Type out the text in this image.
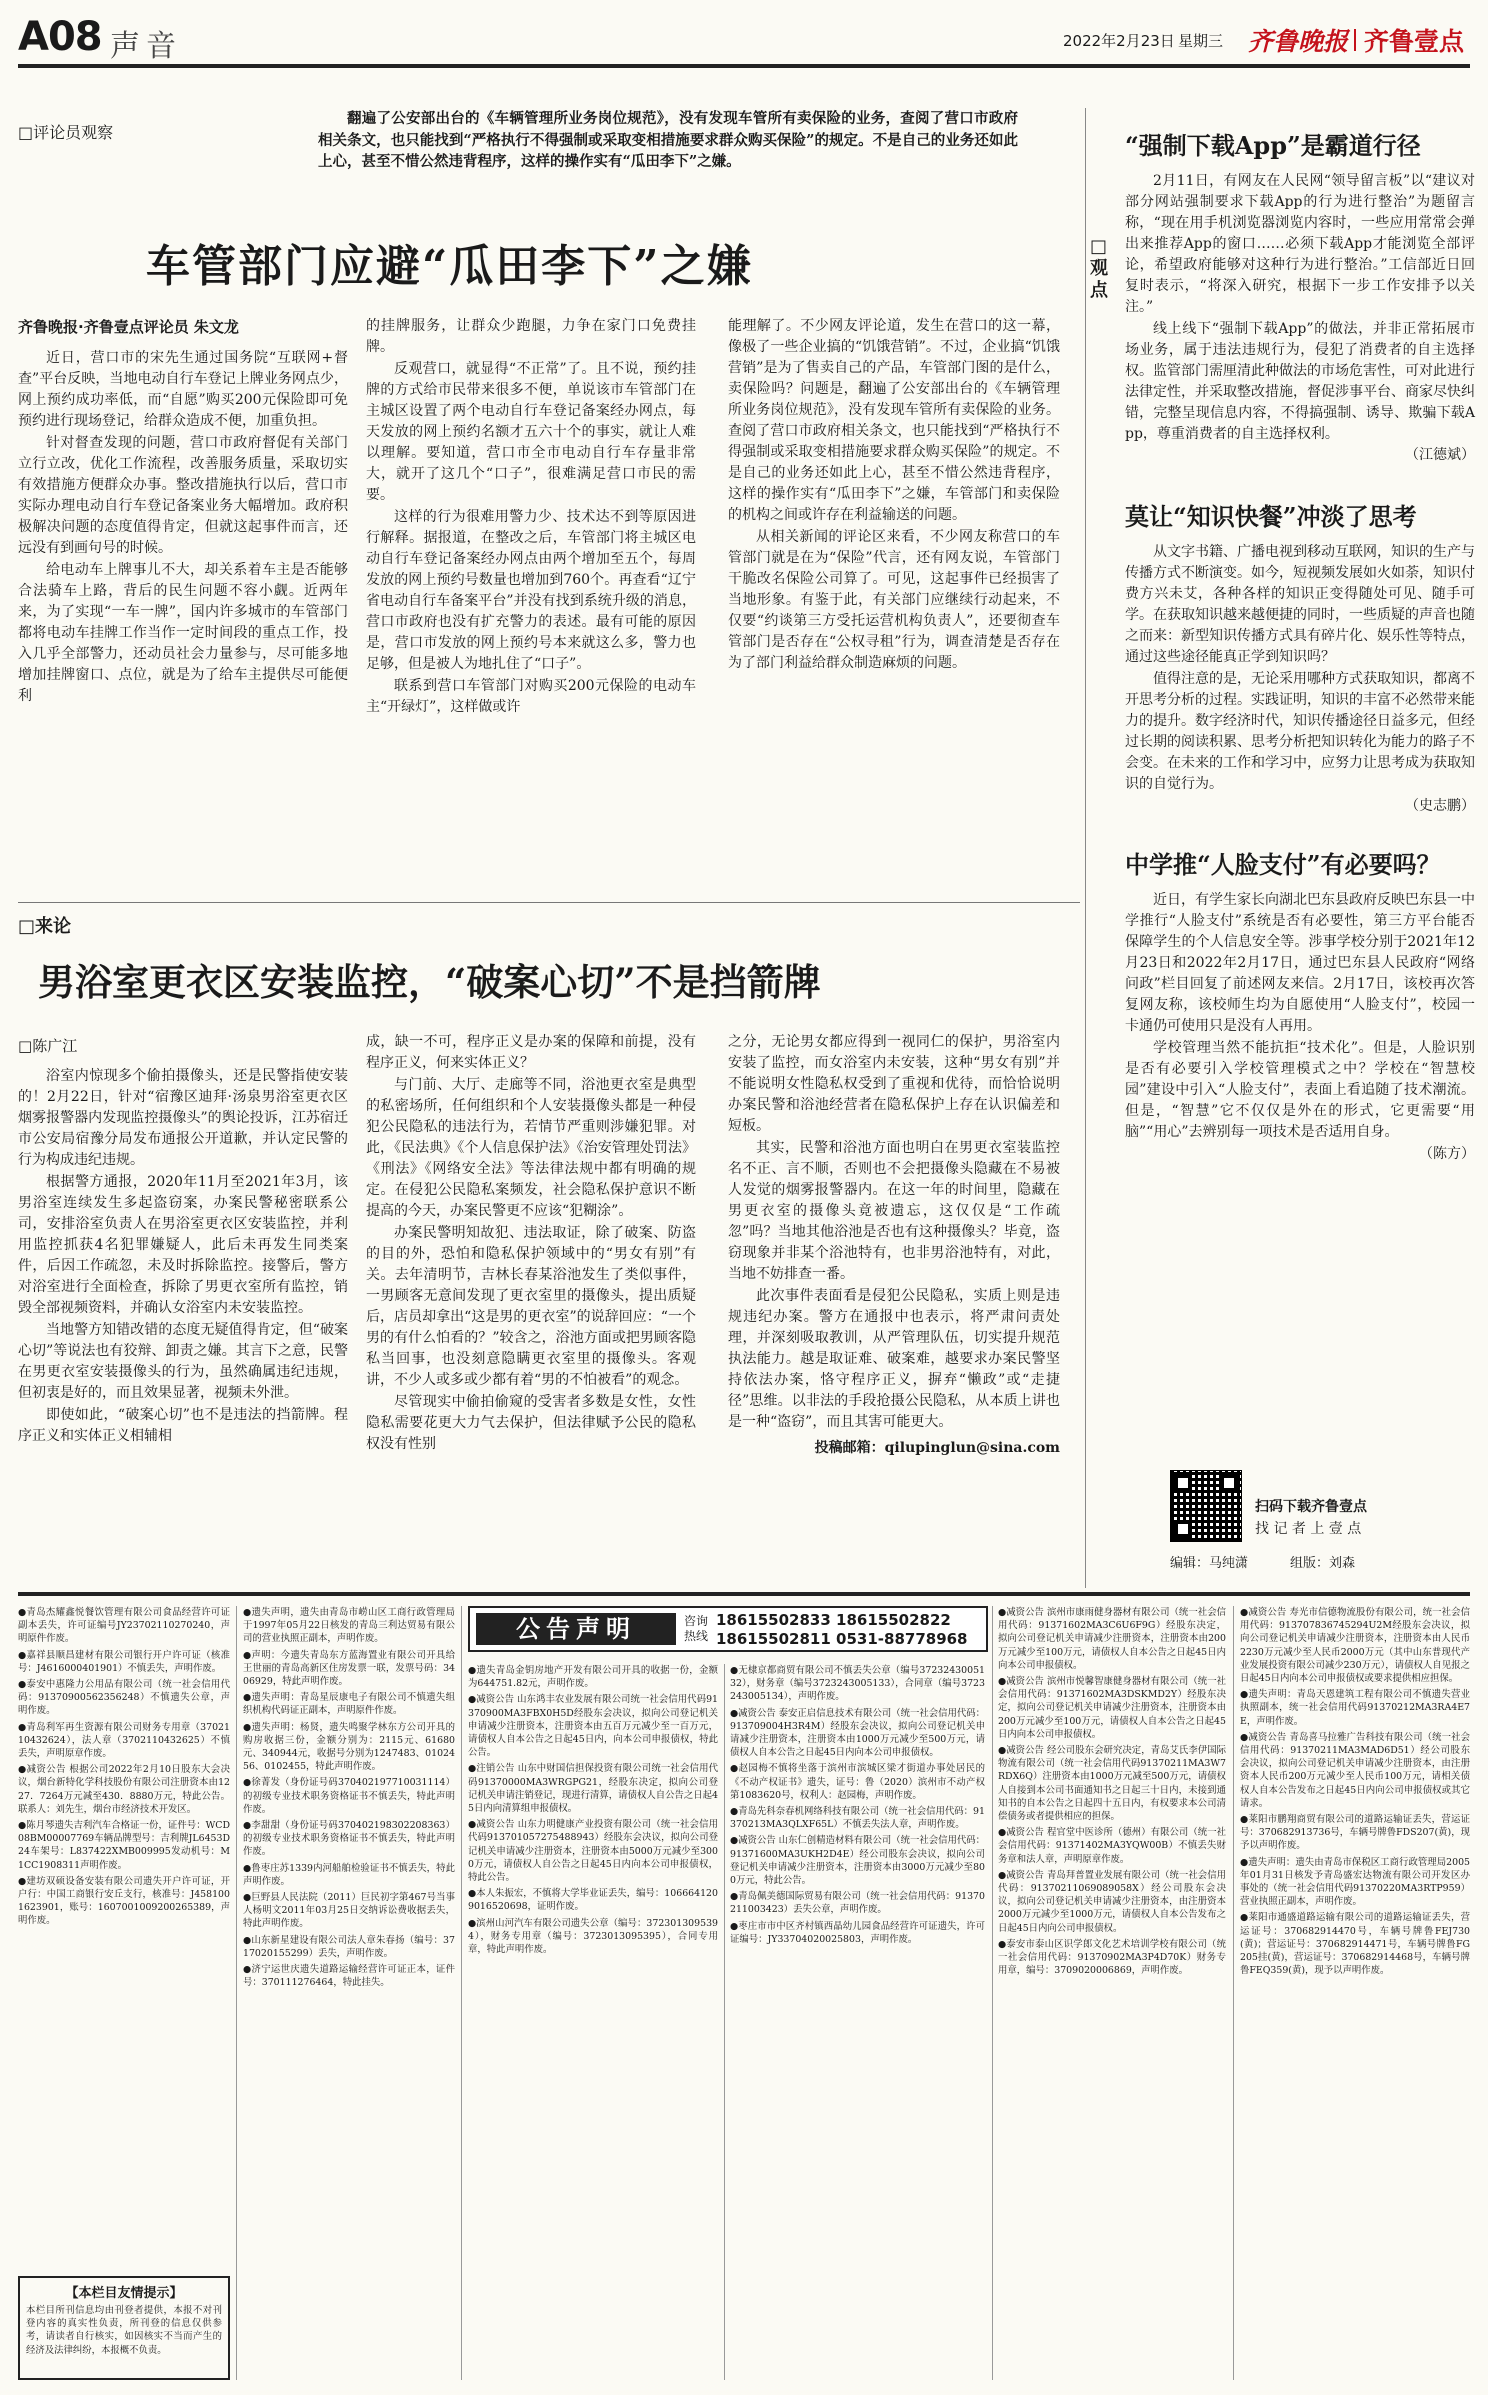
A08 声音	2022年2月23日 星期三 齐鲁晚报 齐鲁壹点
□评论员观察
翻遍了公安部出台的《车辆管理所业务岗位规范》，没有发现车管所有卖保险的业务，查阅了营口市政府相关条文，也只能找到“严格执行不得强制或采取变相措施要求群众购买保险”的规定。不是自己的业务还如此上心，甚至不惜公然违背程序，这样的操作实有“瓜田李下”之嫌。
车管部门应避“瓜田李下”之嫌
齐鲁晚报·齐鲁壹点评论员 朱文龙

近日，营口市的宋先生通过国务院“互联网+督查”平台反映，当地电动自行车登记上牌业务网点少，网上预约成功率低，而“自愿”购买200元保险即可免预约进行现场登记，给群众造成不便，加重负担。

针对督查发现的问题，营口市政府督促有关部门立行立改，优化工作流程，改善服务质量，采取切实有效措施方便群众办事。整改措施执行以后，营口市实际办理电动自行车登记备案业务大幅增加。政府积极解决问题的态度值得肯定，但就这起事件而言，还远没有到画句号的时候。

给电动车上牌事儿不大，却关系着车主是否能够合法骑车上路，背后的民生问题不容小觑。近两年来，为了实现“一车一牌”，国内许多城市的车管部门都将电动车挂牌工作当作一定时间段的重点工作，投入几乎全部警力，还动员社会力量参与，尽可能多地增加挂牌窗口、点位，就是为了给车主提供尽可能便利

的挂牌服务，让群众少跑腿，力争在家门口免费挂牌。

反观营口，就显得“不正常”了。且不说，预约挂牌的方式给市民带来很多不便，单说该市车管部门在主城区设置了两个电动自行车登记备案经办网点，每天发放的网上预约名额才五六十个的事实，就让人难以理解。要知道，营口市全市电动自行车存量非常大，就开了这几个“口子”，很难满足营口市民的需要。

这样的行为很难用警力少、技术达不到等原因进行解释。据报道，在整改之后，车管部门将主城区电动自行车登记备案经办网点由两个增加至五个，每周发放的网上预约号数量也增加到760个。再查看“辽宁省电动自行车备案平台”并没有找到系统升级的消息，营口市政府也没有扩充警力的表述。最有可能的原因是，营口市发放的网上预约号本来就这么多，警力也足够，但是被人为地扎住了“口子”。

联系到营口车管部门对购买200元保险的电动车主“开绿灯”，这样做或许

能理解了。不少网友评论道，发生在营口的这一幕，像极了一些企业搞的“饥饿营销”。不过，企业搞“饥饿营销”是为了售卖自己的产品，车管部门图的是什么，卖保险吗？问题是，翻遍了公安部出台的《车辆管理所业务岗位规范》，没有发现车管所有卖保险的业务。查阅了营口市政府相关条文，也只能找到“严格执行不得强制或采取变相措施要求群众购买保险”的规定。不是自己的业务还如此上心，甚至不惜公然违背程序，这样的操作实有“瓜田李下”之嫌，车管部门和卖保险的机构之间或许存在利益输送的问题。

从相关新闻的评论区来看，不少网友称营口的车管部门就是在为“保险”代言，还有网友说，车管部门干脆改名保险公司算了。可见，这起事件已经损害了当地形象。有鉴于此，有关部门应继续行动起来，不仅要“约谈第三方受托运营机构负责人”，还要彻查车管部门是否存在“公权寻租”行为，调查清楚是否存在为了部门利益给群众制造麻烦的问题。

□来论
男浴室更衣区安装监控，“破案心切”不是挡箭牌
□陈广江

浴室内惊现多个偷拍摄像头，还是民警指使安装的！2月22日，针对“宿豫区迪拜·汤泉男浴室更衣区烟雾报警器内发现监控摄像头”的舆论投诉，江苏宿迁市公安局宿豫分局发布通报公开道歉，并认定民警的行为构成违纪违规。

根据警方通报，2020年11月至2021年3月，该男浴室连续发生多起盗窃案，办案民警秘密联系公司，安排浴室负责人在男浴室更衣区安装监控，并利用监控抓获4名犯罪嫌疑人，此后未再发生同类案件，后因工作疏忽，未及时拆除监控。接警后，警方对浴室进行全面检查，拆除了男更衣室所有监控，销毁全部视频资料，并确认女浴室内未安装监控。

当地警方知错改错的态度无疑值得肯定，但“破案心切”等说法也有狡辩、卸责之嫌。其言下之意，民警在男更衣室安装摄像头的行为，虽然确属违纪违规，但初衷是好的，而且效果显著，视频未外泄。

即使如此，“破案心切”也不是违法的挡箭牌。程序正义和实体正义相辅相

成，缺一不可，程序正义是办案的保障和前提，没有程序正义，何来实体正义？

与门前、大厅、走廊等不同，浴池更衣室是典型的私密场所，任何组织和个人安装摄像头都是一种侵犯公民隐私的违法行为，若情节严重则涉嫌犯罪。对此，《民法典》《个人信息保护法》《治安管理处罚法》《刑法》《网络安全法》等法律法规中都有明确的规定。在侵犯公民隐私案频发，社会隐私保护意识不断提高的今天，办案民警更不应该“犯糊涂”。

办案民警明知故犯、违法取证，除了破案、防盗的目的外，恐怕和隐私保护领域中的“男女有别”有关。去年清明节，吉林长春某浴池发生了类似事件，一男顾客无意间发现了更衣室里的摄像头，提出质疑后，店员却拿出“这是男的更衣室”的说辞回应：“一个男的有什么怕看的？”较含之，浴池方面或把男顾客隐私当回事，也没刻意隐瞒更衣室里的摄像头。客观讲，不少人或多或少都有着“男的不怕被看”的观念。

尽管现实中偷拍偷窥的受害者多数是女性，女性隐私需要花更大力气去保护，但法律赋予公民的隐私权没有性别

之分，无论男女都应得到一视同仁的保护，男浴室内安装了监控，而女浴室内未安装，这种“男女有别”并不能说明女性隐私权受到了重视和优待，而恰恰说明办案民警和浴池经营者在隐私保护上存在认识偏差和短板。

其实，民警和浴池方面也明白在男更衣室装监控名不正、言不顺，否则也不会把摄像头隐藏在不易被人发觉的烟雾报警器内。在这一年的时间里，隐藏在男更衣室的摄像头竟被遗忘，这仅仅是“工作疏忽”吗？当地其他浴池是否也有这种摄像头？毕竟，盗窃现象并非某个浴池特有，也非男浴池特有，对此，当地不妨排查一番。

此次事件表面看是侵犯公民隐私，实质上则是违规违纪办案。警方在通报中也表示，将严肃问责处理，并深刻吸取教训，从严管理队伍，切实提升规范执法能力。越是取证难、破案难，越要求办案民警坚持依法办案，恪守程序正义，摒弃“懒政”或“走捷径”思维。以非法的手段抢摄公民隐私，从本质上讲也是一种“盗窃”，而且其害可能更大。

投稿邮箱：qilupinglun@sina.com
□
观点
“强制下载App”是霸道行径

2月11日，有网友在人民网“领导留言板”以“建议对部分网站强制要求下载App的行为进行整治”为题留言称，“现在用手机浏览器浏览内容时，一些应用常常会弹出来推荐App的窗口……必须下载App才能浏览全部评论，希望政府能够对这种行为进行整治。”工信部近日回复时表示，“将深入研究，根据下一步工作安排予以关注。”

线上线下“强制下载App”的做法，并非正常拓展市场业务，属于违法违规行为，侵犯了消费者的自主选择权。监管部门需厘清此种做法的市场危害性，可对此进行法律定性，并采取整改措施，督促涉事平台、商家尽快纠错，完整呈现信息内容，不得搞强制、诱导、欺骗下载App，尊重消费者的自主选择权利。

（江德斌）
莫让“知识快餐”冲淡了思考

从文字书籍、广播电视到移动互联网，知识的生产与传播方式不断演变。如今，短视频发展如火如荼，知识付费方兴未艾，各种各样的知识正变得随处可见、随手可学。在获取知识越来越便捷的同时，一些质疑的声音也随之而来：新型知识传播方式具有碎片化、娱乐性等特点，通过这些途径能真正学到知识吗？

值得注意的是，无论采用哪种方式获取知识，都离不开思考分析的过程。实践证明，知识的丰富不必然带来能力的提升。数字经济时代，知识传播途径日益多元，但经过长期的阅读积累、思考分析把知识转化为能力的路子不会变。在未来的工作和学习中，应努力让思考成为获取知识的自觉行为。

（史志鹏）
中学推“人脸支付”有必要吗？

近日，有学生家长向湖北巴东县政府反映巴东县一中学推行“人脸支付”系统是否有必要性，第三方平台能否保障学生的个人信息安全等。涉事学校分别于2021年12月23日和2022年2月17日，通过巴东县人民政府“网络问政”栏目回复了前述网友来信。2月17日，该校再次答复网友称，该校师生均为自愿使用“人脸支付”，校园一卡通仍可使用只是没有人再用。

学校管理当然不能抗拒“技术化”。但是，人脸识别是否有必要引入学校管理模式之中？学校在“智慧校园”建设中引入“人脸支付”，表面上看追随了技术潮流。但是，“智慧”它不仅仅是外在的形式，它更需要“用脑”“用心”去辨别每一项技术是否适用自身。

（陈方）
扫码下载齐鲁壹点
找 记 者 上 壹 点
编辑：马纯潇	组版：刘森
●青岛杰耀鑫悦餐饮管理有限公司食品经营许可证副本丢失，许可证编号JY23702110270240，声明原件作废。
●嘉祥县顺昌建材有限公司银行开户许可证（核准号：J4616000401901）不慎丢失，声明作废。
●泰安中惠隆力公用品有限公司（统一社会信用代码：91370900562356248）不慎遗失公章，声明作废。
●青岛利军再生资源有限公司财务专用章（3702110432624），法人章（3702110432625）不慎丢失，声明原章作废。
●减资公告 根据公司2022年2月10日股东大会决议，烟台新特化学科技股份有限公司注册资本由1227．7264万元减至430．8880万元，特此公告。联系人：刘先生，烟台市经济技术开发区。
●陈月琴遗失吉利汽车合格证一份，证件号：WCD08BM00007769车辆品牌型号：吉利牌JL6453D24车架号：L837422XMB009995发动机号：M1CC1908311声明作废。
●建坊双硕设备安装有限公司遗失开户许可证，开户行：中国工商银行安丘支行，核准号：J4581001623901，账号：1607001009200265389，声明作废。
【本栏目友情提示】
本栏目所刊信息均由刊登者提供，本报不对刊登内容的真实性负责，所刊登的信息仅供参考，请读者自行核实，如因核实不当而产生的经济及法律纠纷，本报概不负责。
●遗失声明，遗失由青岛市崂山区工商行政管理局于1997年05月22日核发的青岛三利达贸易有限公司的营业执照正副本，声明作废。
●声明：今遗失青岛东方蓝海置业有限公司开具给王世丽的青岛高新区住房发票一联，发票号码：3406929，特此声明作废。
●遗失声明：青岛星辰康电子有限公司不慎遗失组织机构代码证正副本，声明原件作废。
●遗失声明：杨贤，遗失鸣聚学林东方公司开具的购房收据三份，金额分别为：2115元、61680元、340944元，收据号分别为1247483、0102456、0102455，特此声明作废。
●徐菁发（身份证号码370402197710031114）的初级专业技术职务资格证书不慎丢失，特此声明作废。
●李甜甜（身份证号码370402198302208363）的初级专业技术职务资格证书不慎丢失，特此声明作废。
●鲁枣庄苏1339内河船舶检验证书不慎丢失，特此声明作废。
●巨野县人民法院（2011）巨民初字第467号当事人杨明文2011年03月25日交纳诉讼费收据丢失，特此声明作废。
●山东新星建设有限公司法人章朱春扬（编号：3717020155299）丢失，声明作废。
●济宁运世庆遗失道路运输经营许可证正本，证件号：370111276464，特此挂失。
公告声明	咨询
热线
18615502833 18615502822
18615502811 0531-88778968
●遗失青岛金钥房地产开发有限公司开具的收据一份，金额为644751.82元，声明作废。
●减资公告 山东鸿丰农业发展有限公司统一社会信用代码91370900MA3FBX0H5D经股东会决议，拟向公司登记机关申请减少注册资本，注册资本由五百万元减少至一百万元，请债权人自本公告之日起45日内，向本公司申报债权，特此公告。
●注销公告 山东中财国信担保投资有限公司统一社会信用代码91370000MA3WRGPG21，经股东决定，拟向公司登记机关申请注销登记，现进行清算，请债权人自公告之日起45日内向清算组申报债权。
●减资公告 山东力明健康产业投资有限公司（统一社会信用代码913701057275488943）经股东会决议，拟向公司登记机关申请减少注册资本，注册资本由5000万元减少至3000万元，请债权人自公告之日起45日内向本公司申报债权，特此公告。
●本人朱振宏，不慎将大学毕业证丢失，编号：1066641209016520698，证明作废。
●滨州山河汽车有限公司遗失公章（编号：3723013095394），财务专用章（编号：3723013095395），合同专用章，特此声明作废。
●无棣京都商贸有限公司不慎丢失公章（编号3723243005132），财务章（编号3723243005133），合同章（编号3723243005134），声明作废。
●减资公告 泰安正启信息技术有限公司（统一社会信用代码：913709004H3R4M）经股东会决议，拟向公司登记机关申请减少注册资本，注册资本由1000万元减少至500万元，请债权人自本公告之日起45日内向本公司申报债权。
●赵园梅不慎将坐落于滨州市滨城区梁才街道办事处居民的《不动产权证书》遗失，证号：鲁（2020）滨州市不动产权第1083620号，权利人：赵园梅，声明作废。
●青岛先科奈春机网络科技有限公司（统一社会信用代码：91370213MA3QLXF65L）不慎丢失法人章，声明作废。
●减资公告 山东仁创精造材料有限公司（统一社会信用代码：91371600MA3UKH2D4E）经公司股东会决议，拟向公司登记机关申请减少注册资本，注册资本由3000万元减少至800万元，特此公告。
●青岛佩美德国际贸易有限公司（统一社会信用代码：91370211003423）丢失公章，声明作废。
●枣庄市市中区齐村镇西晶幼儿园食品经营许可证遗失，许可证编号：JY33704020025803，声明作废。
●减资公告 滨州市康雨健身器材有限公司（统一社会信用代码：91371602MA3C6U6F9G）经股东决定，拟向公司登记机关申请减少注册资本，注册资本由200万元减少至100万元，请债权人自本公告之日起45日内向本公司申报债权。
●减资公告 滨州市悦馨智康健身器材有限公司（统一社会信用代码：91371602MA3DSKMD2Y）经股东决定，拟向公司登记机关申请减少注册资本，注册资本由200万元减少至100万元，请债权人自本公告之日起45日内向本公司申报债权。
●减资公告 经公司股东会研究决定，青岛艾氏李伊国际物流有限公司（统一社会信用代码91370211MA3W7RDX6Q）注册资本由1000万元减至500万元，请债权人自接到本公司书面通知书之日起三十日内，未接到通知书的自本公告之日起四十五日内，有权要求本公司清偿债务或者提供相应的担保。
●减资公告 程官堂中医诊所（德州）有限公司（统一社会信用代码：91371402MA3YQW00B）不慎丢失财务章和法人章，声明原章作废。
●减资公告 青岛拜普置业发展有限公司（统一社会信用代码：91370211069089058X）经公司股东会决议，拟向公司登记机关申请减少注册资本，由注册资本2000万元减少至1000万元，请债权人自本公告发布之日起45日内向公司申报债权。
●泰安市泰山区识学郎文化艺术培训学校有限公司（统一社会信用代码：91370902MA3P4D70K）财务专用章，编号：3709020006869，声明作废。
●减资公告 寿光市信德物流股份有限公司，统一社会信用代码：913707836745294U2M经股东会决议，拟向公司登记机关申请减少注册资本，注册资本由人民币2230万元减少至人民币2000万元（其中山东普现代产业发展投资有限公司减少230万元），请债权人自见报之日起45日内向本公司申报债权或要求提供相应担保。
●遗失声明：青岛天恩建筑工程有限公司不慎遗失营业执照副本，统一社会信用代码91370212MA3RA4E7E，声明作废。
●减资公告 青岛喜马拉雅广告科技有限公司（统一社会信用代码：91370211MA3MAD6D51）经公司股东会决议，拟向公司登记机关申请减少注册资本，由注册资本人民币200万元减少至人民币100万元，请相关债权人自本公告发布之日起45日内向公司申报债权或其它请求。
●莱阳市鹏翔商贸有限公司的道路运输证丢失，营运证号：370682913736号，车辆号牌鲁FDS207(黄)，现予以声明作废。
●遗失声明：遗失由青岛市保税区工商行政管理局2005年01月31日核发予青岛盛宏达物流有限公司开发区办事处的（统一社会信用代码91370220MA3RTP959）营业执照正副本，声明作废。
●莱阳市通盛道路运输有限公司的道路运输证丢失，营运证号：370682914470号，车辆号牌鲁FEJ730(黄)；营运证号：370682914471号，车辆号牌鲁FG205挂(黄)，营运证号：370682914468号，车辆号牌鲁FEQ359(黄)，现予以声明作废。
